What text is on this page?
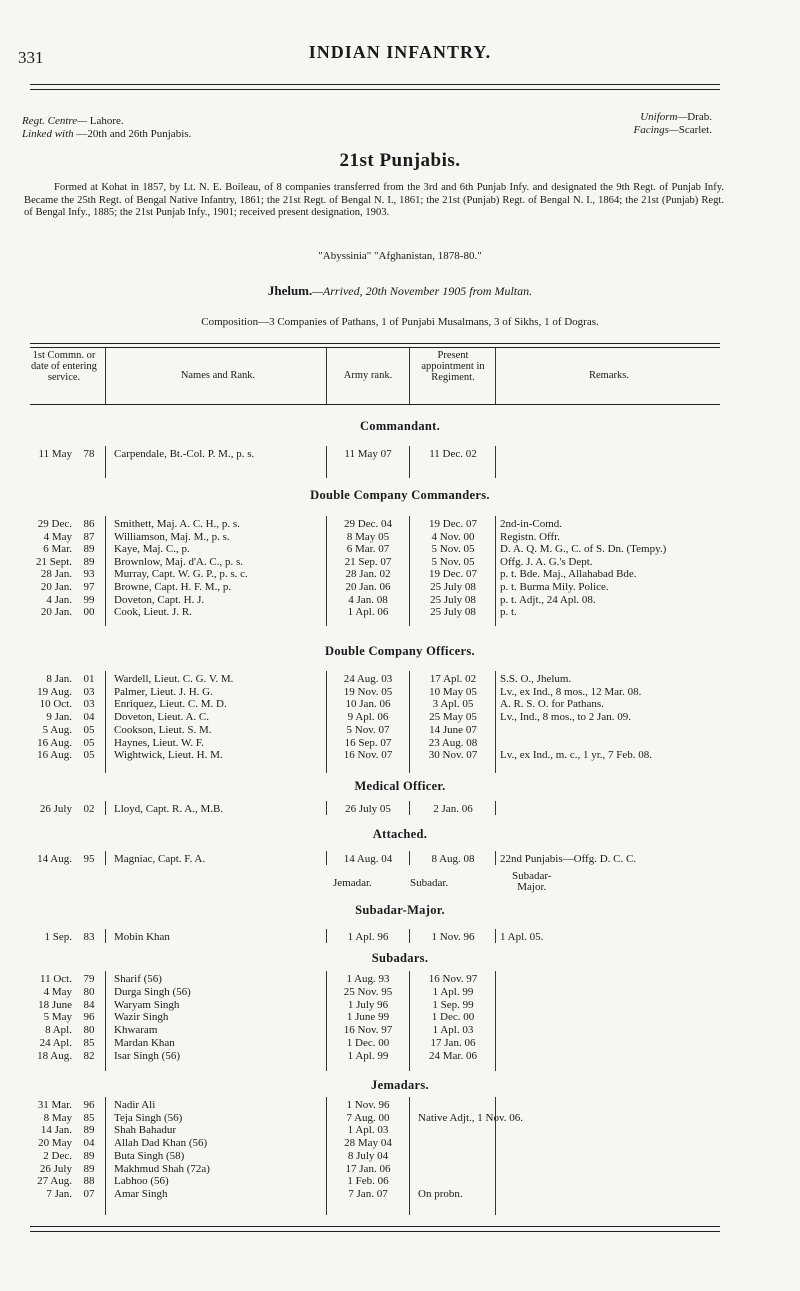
331	INDIAN INFANTRY.
Regt. Centre— Lahore.
Linked with —20th and 26th Punjabis.
Uniform—Drab.
Facings—Scarlet.
21st Punjabis.
Formed at Kohat in 1857, by Lt. N. E. Boileau, of 8 companies transferred from the 3rd and 6th Punjab Infy. and designated the 9th Regt. of Punjab Infy. Became the 25th Regt. of Bengal Native Infantry, 1861; the 21st Regt. of Bengal N. I., 1861; the 21st (Punjab) Regt. of Bengal N. I., 1864; the 21st (Punjab) Regt. of Bengal Infy., 1885; the 21st Punjab Infy., 1901; received present designation, 1903.
"Abyssinia" "Afghanistan, 1878-80."
Jhelum.—Arrived, 20th November 1905 from Multan.
Composition—3 Companies of Pathans, 1 of Punjabi Musalmans, 3 of Sikhs, 1 of Dogras.
1st Commn. or date of entering service.	Names and Rank.	Army rank.
Present appointment in Regiment.	Remarks.
Commandant.
11 May	78	Carpendale, Bt.-Col. P. M., p. s.	11 May 07	11 Dec. 02
Double Company Commanders.
29 Dec.	86	Smithett, Maj. A. C. H., p. s.	29 Dec. 04	19 Dec. 07	2nd-in-Comd.
4 May	87	Williamson, Maj. M., p. s.	8 May 05	4 Nov. 00	Registn. Offr.
6 Mar.	89	Kaye, Maj. C., p.	6 Mar. 07	5 Nov. 05	D. A. Q. M. G., C. of S. Dn. (Tempy.)
21 Sept.	89	Brownlow, Maj. d'A. C., p. s.	21 Sep. 07	5 Nov. 05	Offg. J. A. G.'s Dept.
28 Jan.	93	Murray, Capt. W. G. P., p. s. c.	28 Jan. 02	19 Dec. 07	p. t. Bde. Maj., Allahabad Bde.
20 Jan.	97	Browne, Capt. H. F. M., p.	20 Jan. 06	25 July 08	p. t. Burma Mily. Police.
4 Jan.	99	Doveton, Capt. H. J.	4 Jan. 08	25 July 08	p. t. Adjt., 24 Apl. 08.
20 Jan.	00	Cook, Lieut. J. R.	1 Apl. 06	25 July 08	p. t.
Double Company Officers.
8 Jan.	01	Wardell, Lieut. C. G. V. M.	24 Aug. 03	17 Apl. 02	S.S. O., Jhelum.
19 Aug.	03	Palmer, Lieut. J. H. G.	19 Nov. 05	10 May 05	Lv., ex Ind., 8 mos., 12 Mar. 08.
10 Oct.	03	Enriquez, Lieut. C. M. D.	10 Jan. 06	3 Apl. 05	A. R. S. O. for Pathans.
9 Jan.	04	Doveton, Lieut. A. C.	9 Apl. 06	25 May 05	Lv., Ind., 8 mos., to 2 Jan. 09.
5 Aug.	05	Cookson, Lieut. S. M.	5 Nov. 07	14 June 07
16 Aug.	05	Haynes, Lieut. W. F.	16 Sep. 07	23 Aug. 08
16 Aug.	05	Wightwick, Lieut. H. M.	16 Nov. 07	30 Nov. 07	Lv., ex Ind., m. c., 1 yr., 7 Feb. 08.
Medical Officer.
26 July	02	Lloyd, Capt. R. A., M.B.	26 July 05	2 Jan. 06
Attached.
14 Aug.	95	Magniac, Capt. F. A.	14 Aug. 04	8 Aug. 08	22nd Punjabis—Offg. D. C. C.
Jemadar.	Subadar.
Subadar-
Major.
Subadar-Major.
1 Sep.	83	Mobin Khan	1 Apl. 96	1 Nov. 96	1 Apl. 05.
Subadars.
11 Oct.	79	Sharif (56)	1 Aug. 93	16 Nov. 97
4 May	80	Durga Singh (56)	25 Nov. 95	1 Apl. 99
18 June	84	Waryam Singh	1 July 96	1 Sep. 99
5 May	96	Wazir Singh	1 June 99	1 Dec. 00
8 Apl.	80	Khwaram	16 Nov. 97	1 Apl. 03
24 Apl.	85	Mardan Khan	1 Dec. 00	17 Jan. 06
18 Aug.	82	Isar Singh (56)	1 Apl. 99	24 Mar. 06
Jemadars.
31 Mar.	96	Nadir Ali	1 Nov. 96
8 May	85	Teja Singh (56)	7 Aug. 00	Native Adjt., 1 Nov. 06.
14 Jan.	89	Shah Bahadur	1 Apl. 03
20 May	04	Allah Dad Khan (56)	28 May 04
2 Dec.	89	Buta Singh (58)	8 July 04
26 July	89	Makhmud Shah (72a)	17 Jan. 06
27 Aug.	88	Labhoo (56)	1 Feb. 06
7 Jan.	07	Amar Singh	7 Jan. 07	On probn.
